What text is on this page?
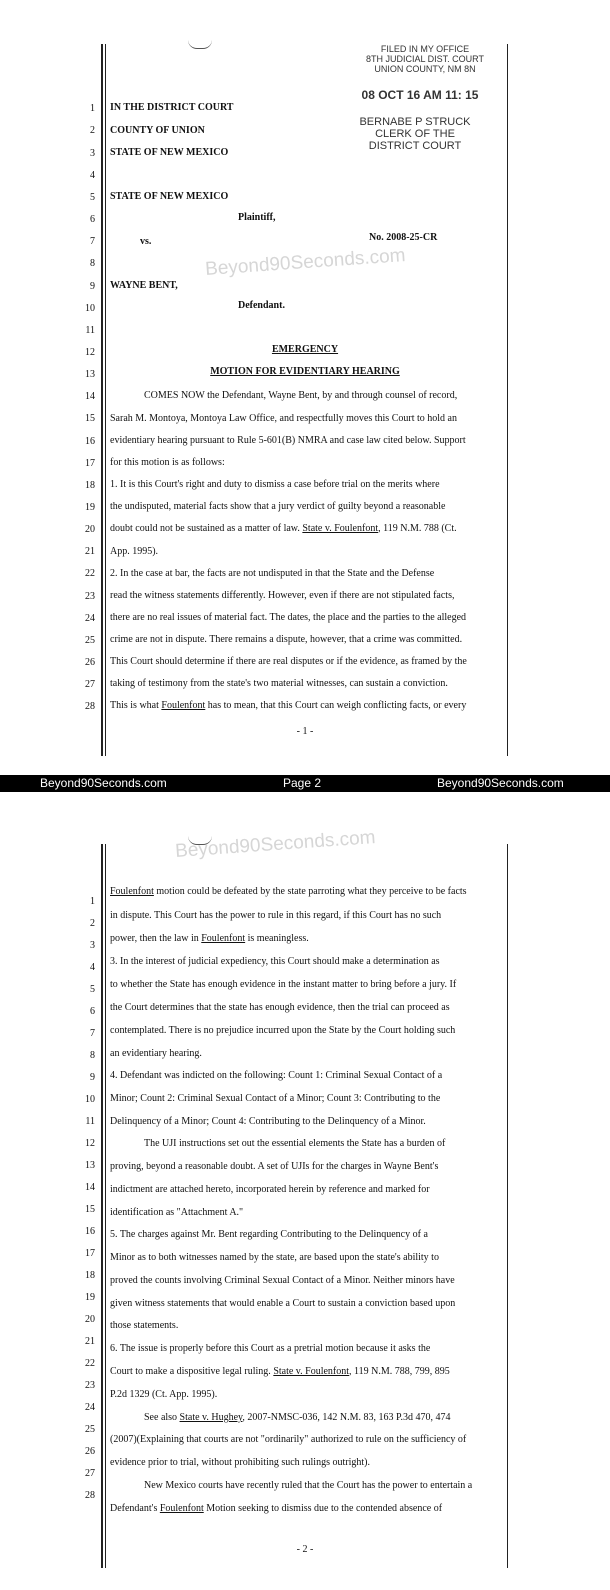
FILED IN MY OFFICE
8TH JUDICIAL DIST. COURT
UNION COUNTY, NM 8N
08 OCT 16 AM 11: 15
BERNABE P STRUCK
CLERK OF THE
DISTRICT COURT
Beyond90Seconds.com
1
2
3
4
5
6
7
8
9
10
11
12
13
14
15
16
17
18
19
20
21
22
23
24
25
26
27
28
IN THE DISTRICT COURT
COUNTY OF UNION
STATE OF NEW MEXICO
STATE OF NEW MEXICO
Plaintiff,
vs.	No. 2008-25-CR
WAYNE BENT,
Defendant.
EMERGENCY
MOTION FOR EVIDENTIARY HEARING
COMES NOW the Defendant, Wayne Bent, by and through counsel of record,
Sarah M. Montoya, Montoya Law Office, and respectfully moves this Court to hold an
evidentiary hearing pursuant to Rule 5-601(B) NMRA and case law cited below. Support
for this motion is as follows:
1. It is this Court's right and duty to dismiss a case before trial on the merits where
the undisputed, material facts show that a jury verdict of guilty beyond a reasonable
doubt could not be sustained as a matter of law. State v. Foulenfont, 119 N.M. 788 (Ct.
App. 1995).
2. In the case at bar, the facts are not undisputed in that the State and the Defense
read the witness statements differently. However, even if there are not stipulated facts,
there are no real issues of material fact. The dates, the place and the parties to the alleged
crime are not in dispute. There remains a dispute, however, that a crime was committed.
This Court should determine if there are real disputes or if the evidence, as framed by the
taking of testimony from the state's two material witnesses, can sustain a conviction.
This is what Foulenfont has to mean, that this Court can weigh conflicting facts, or every
- 1 -
Beyond90Seconds.com	Page 2	Beyond90Seconds.com
Beyond90Seconds.com
1
2
3
4
5
6
7
8
9
10
11
12
13
14
15
16
17
18
19
20
21
22
23
24
25
26
27
28
Foulenfont motion could be defeated by the state parroting what they perceive to be facts
in dispute. This Court has the power to rule in this regard, if this Court has no such
power, then the law in Foulenfont is meaningless.
3. In the interest of judicial expediency, this Court should make a determination as
to whether the State has enough evidence in the instant matter to bring before a jury. If
the Court determines that the state has enough evidence, then the trial can proceed as
contemplated. There is no prejudice incurred upon the State by the Court holding such
an evidentiary hearing.
4. Defendant was indicted on the following: Count 1: Criminal Sexual Contact of a
Minor; Count 2: Criminal Sexual Contact of a Minor; Count 3: Contributing to the
Delinquency of a Minor; Count 4: Contributing to the Delinquency of a Minor.
The UJI instructions set out the essential elements the State has a burden of
proving, beyond a reasonable doubt. A set of UJIs for the charges in Wayne Bent's
indictment are attached hereto, incorporated herein by reference and marked for
identification as "Attachment A."
5. The charges against Mr. Bent regarding Contributing to the Delinquency of a
Minor as to both witnesses named by the state, are based upon the state's ability to
proved the counts involving Criminal Sexual Contact of a Minor. Neither minors have
given witness statements that would enable a Court to sustain a conviction based upon
those statements.
6. The issue is properly before this Court as a pretrial motion because it asks the
Court to make a dispositive legal ruling. State v. Foulenfont, 119 N.M. 788, 799, 895
P.2d 1329 (Ct. App. 1995).
See also State v. Hughey, 2007-NMSC-036, 142 N.M. 83, 163 P.3d 470, 474
(2007)(Explaining that courts are not "ordinarily" authorized to rule on the sufficiency of
evidence prior to trial, without prohibiting such rulings outright).
New Mexico courts have recently ruled that the Court has the power to entertain a
Defendant's Foulenfont Motion seeking to dismiss due to the contended absence of
- 2 -
